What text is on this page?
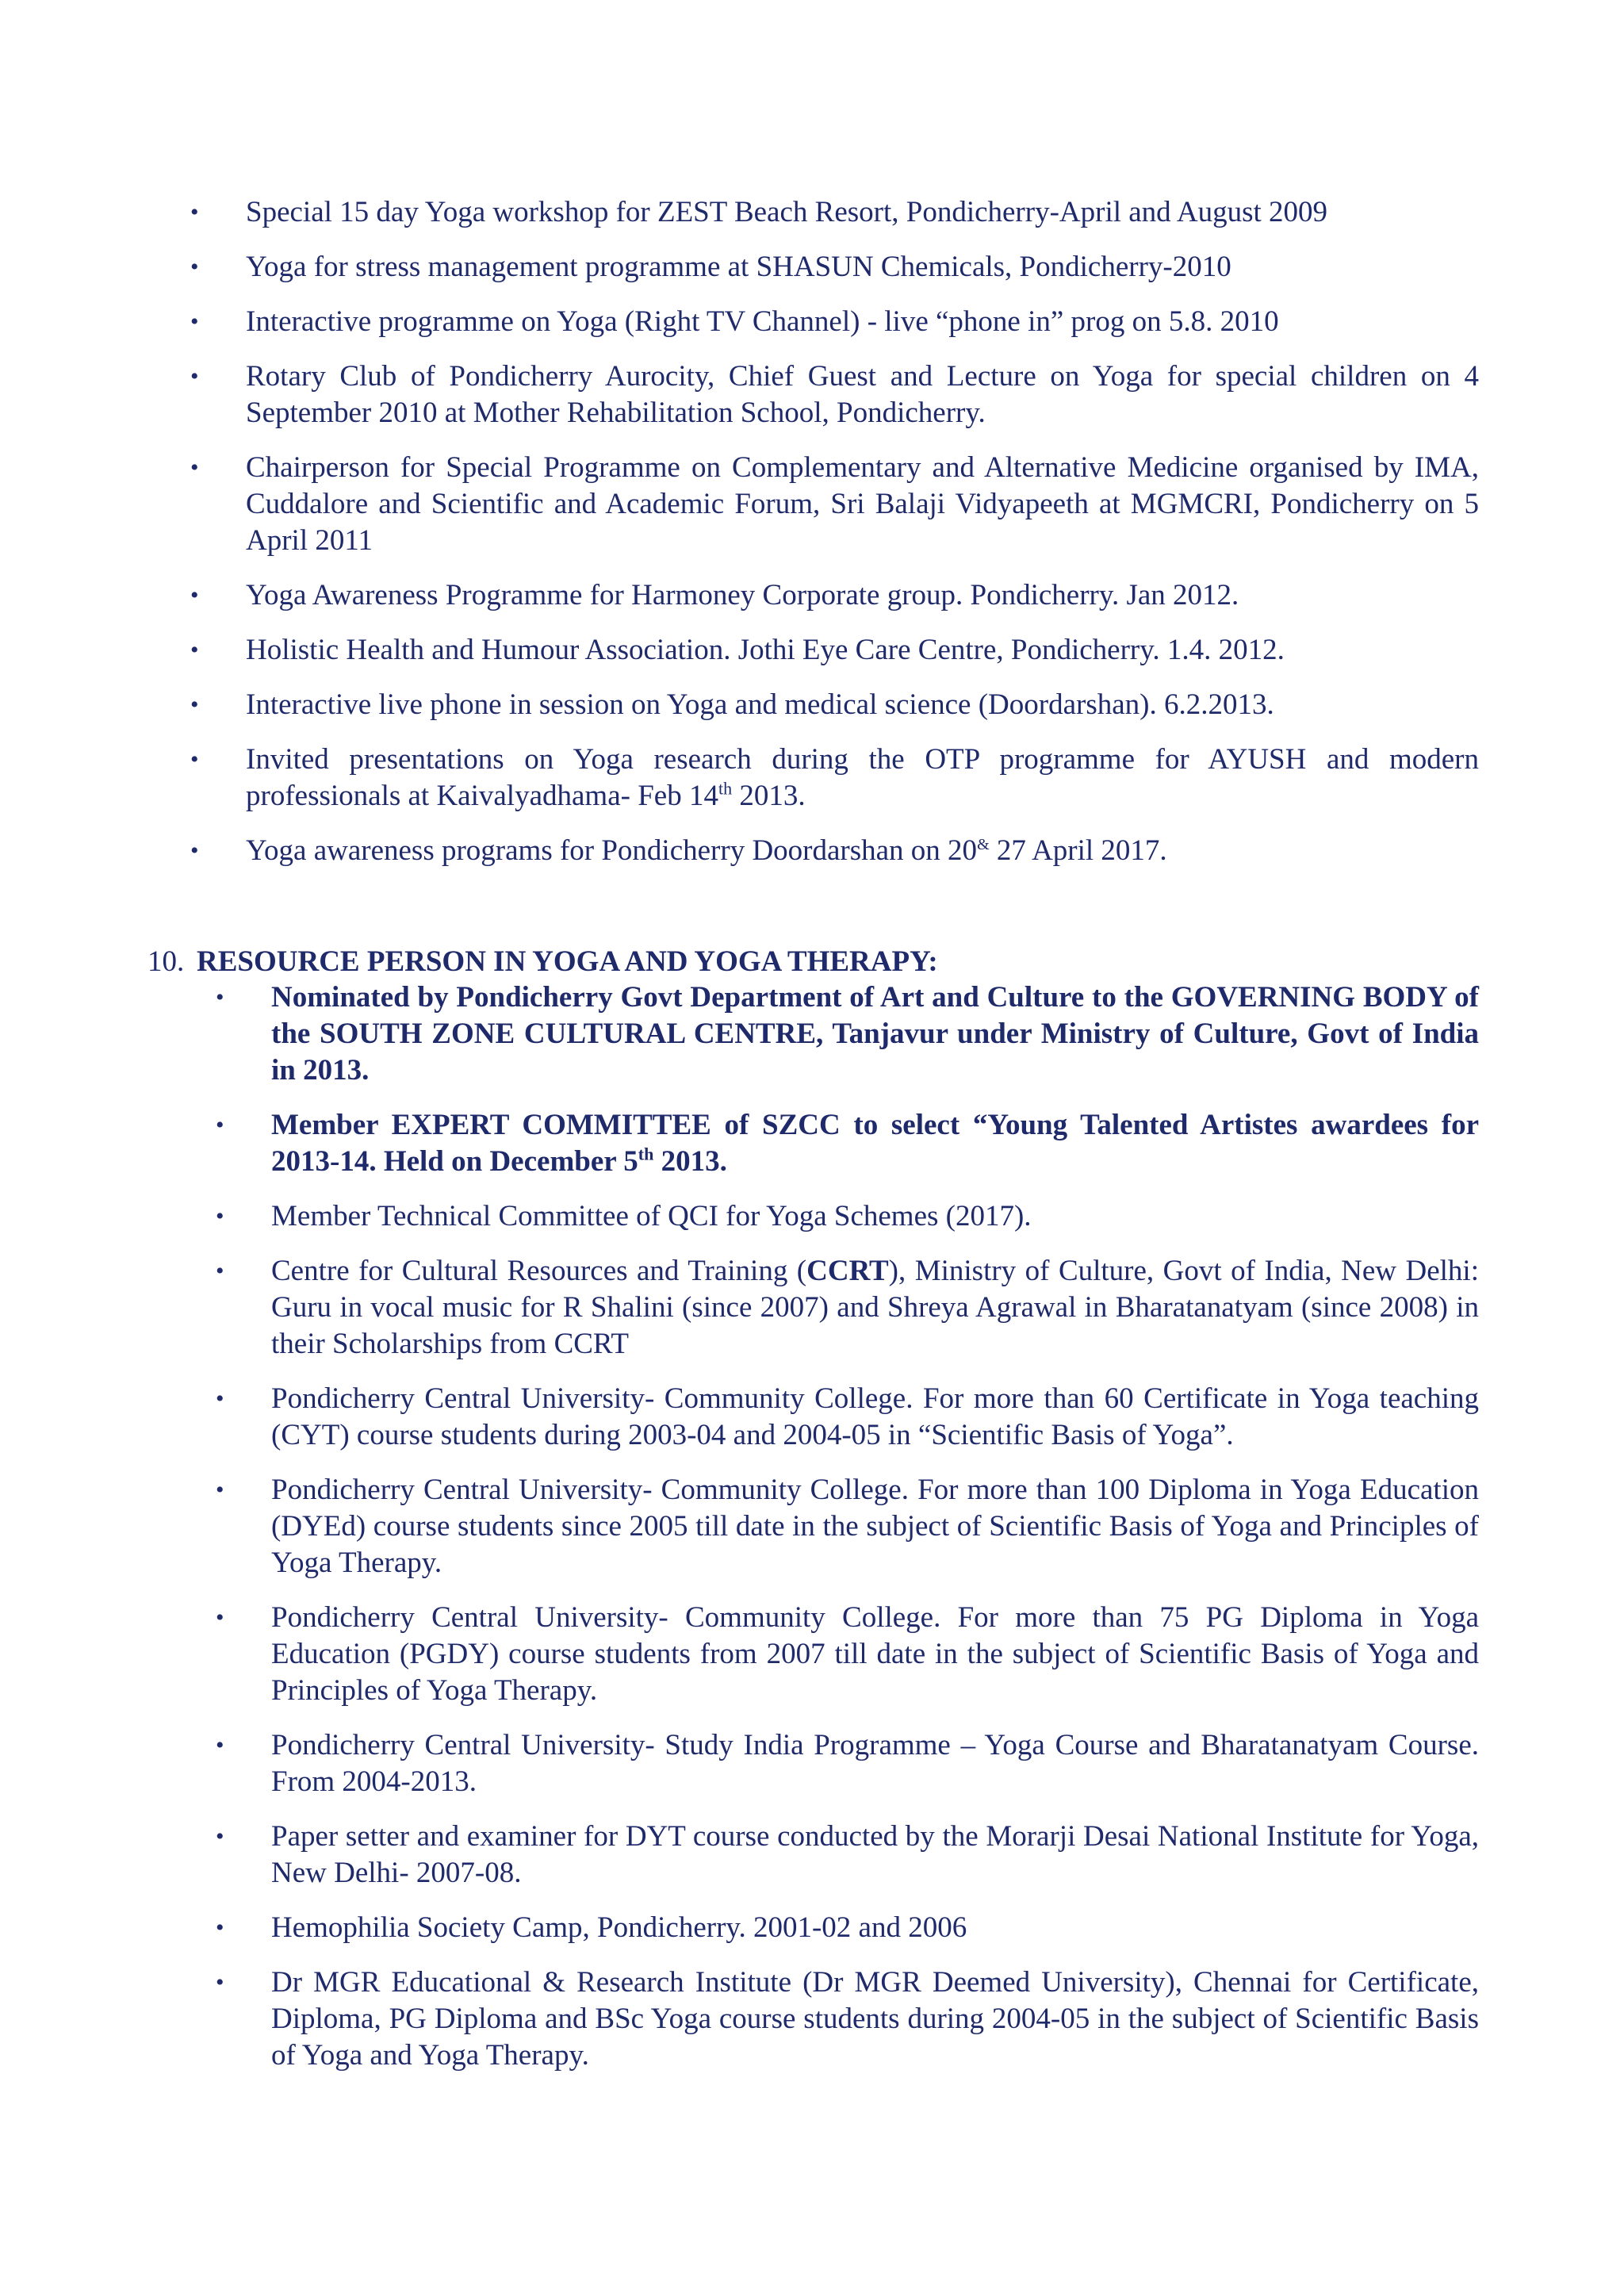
•	Special 15 day Yoga workshop for ZEST Beach Resort, Pondicherry-April and August 2009
•	Yoga for stress management programme at SHASUN Chemicals, Pondicherry-2010
•	Interactive programme on Yoga (Right TV Channel) - live “phone in” prog on 5.8. 2010
•	Rotary Club of Pondicherry Aurocity, Chief Guest and Lecture on Yoga for special children on 4 September 2010 at Mother Rehabilitation School, Pondicherry.
•	Chairperson for Special Programme on Complementary and Alternative Medicine organised by IMA, Cuddalore and Scientific and Academic Forum, Sri Balaji Vidyapeeth at MGMCRI, Pondicherry on 5 April 2011
•	Yoga Awareness Programme for Harmoney Corporate group. Pondicherry. Jan 2012.
•	Holistic Health and Humour Association. Jothi Eye Care Centre, Pondicherry. 1.4. 2012.
•	Interactive live phone in session on Yoga and medical science (Doordarshan). 6.2.2013.
•	Invited presentations on Yoga research during the OTP programme for AYUSH and modern professionals at Kaivalyadhama- Feb 14th 2013.
•	Yoga awareness programs for Pondicherry Doordarshan on 20& 27 April 2017.
10. RESOURCE PERSON IN YOGA AND YOGA THERAPY:
•	Nominated by Pondicherry Govt Department of Art and Culture to the GOVERNING BODY of the SOUTH ZONE CULTURAL CENTRE, Tanjavur under Ministry of Culture, Govt of India in 2013.
•	Member EXPERT COMMITTEE of SZCC to select “Young Talented Artistes awardees for 2013-14. Held on December 5th 2013.
•	Member Technical Committee of QCI for Yoga Schemes (2017).
•	Centre for Cultural Resources and Training (CCRT), Ministry of Culture, Govt of India, New Delhi: Guru in vocal music for R Shalini (since 2007) and Shreya Agrawal in Bharatanatyam (since 2008) in their Scholarships from CCRT
•	Pondicherry Central University- Community College. For more than 60 Certificate in Yoga teaching (CYT) course students during 2003-04 and 2004-05 in “Scientific Basis of Yoga”.
•	Pondicherry Central University- Community College. For more than 100 Diploma in Yoga Education (DYEd) course students since 2005 till date in the subject of Scientific Basis of Yoga and Principles of Yoga Therapy.
•	Pondicherry Central University- Community College. For more than 75 PG Diploma in Yoga Education (PGDY) course students from 2007 till date in the subject of Scientific Basis of Yoga and Principles of Yoga Therapy.
•	Pondicherry Central University- Study India Programme – Yoga Course and Bharatanatyam Course. From 2004-2013.
•	Paper setter and examiner for DYT course conducted by the Morarji Desai National Institute for Yoga, New Delhi- 2007-08.
•	Hemophilia Society Camp, Pondicherry. 2001-02 and 2006
•	Dr MGR Educational & Research Institute (Dr MGR Deemed University), Chennai for Certificate, Diploma, PG Diploma and BSc Yoga course students during 2004-05 in the subject of Scientific Basis of Yoga and Yoga Therapy.
